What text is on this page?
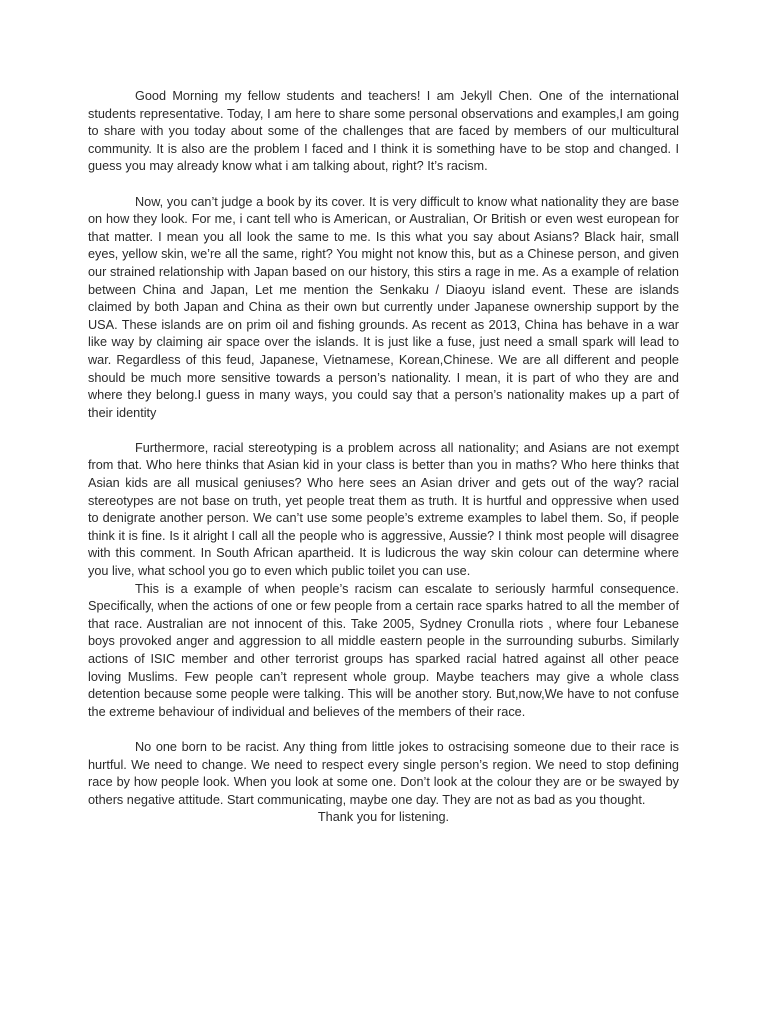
Good Morning my fellow students and teachers! I am Jekyll Chen. One of the international students representative. Today, I am here to share some personal observations and examples,I am going to share with you today about some of the challenges that are faced by members of our multicultural community. It is also are the problem I faced and I think it is something have to be stop and changed. I guess you may already know what i am talking about, right? It’s racism.

Now, you can’t judge a book by its cover. It is very difficult to know what nationality they are base on how they look. For me, i cant tell who is American, or Australian, Or British or even west european for that matter. I mean you all look the same to me. Is this what you say about Asians? Black hair, small eyes, yellow skin, we’re all the same, right? You might not know this, but as a Chinese person, and given our strained relationship with Japan based on our history, this stirs a rage in me. As a example of relation between China and Japan, Let me mention the Senkaku / Diaoyu island event. These are islands claimed by both Japan and China as their own but currently under Japanese ownership support by the USA. These islands are on prim oil and fishing grounds. As recent as 2013, China has behave in a war like way by claiming air space over the islands. It is just like a fuse, just need a small spark will lead to war. Regardless of this feud, Japanese, Vietnamese, Korean,Chinese. We are all different and people should be much more sensitive towards a person’s nationality. I mean, it is part of who they are and where they belong.I guess in many ways, you could say that a person’s nationality makes up a part of their identity

Furthermore, racial stereotyping is a problem across all nationality; and Asians are not exempt from that. Who here thinks that Asian kid in your class is better than you in maths? Who here thinks that Asian kids are all musical geniuses? Who here sees an Asian driver and gets out of the way? racial stereotypes are not base on truth, yet people treat them as truth. It is hurtful and oppressive when used to denigrate another person. We can’t use some people’s extreme examples to label them. So, if people think it is fine. Is it alright I call all the people who is aggressive, Aussie? I think most people will disagree with this comment. In South African apartheid. It is ludicrous the way skin colour can determine where you live, what school you go to even which public toilet you can use.

This is a example of when people’s racism can escalate to seriously harmful consequence. Specifically, when the actions of one or few people from a certain race sparks hatred to all the member of that race. Australian are not innocent of this. Take 2005, Sydney Cronulla riots , where four Lebanese boys provoked anger and aggression to all middle eastern people in the surrounding suburbs. Similarly actions of ISIC member and other terrorist groups has sparked racial hatred against all other peace loving Muslims. Few people can’t represent whole group. Maybe teachers may give a whole class detention because some people were talking. This will be another story. But,now,We have to not confuse the extreme behaviour of individual and believes of the members of their race.

No one born to be racist. Any thing from little jokes to ostracising someone due to their race is hurtful. We need to change. We need to respect every single person’s region. We need to stop defining race by how people look. When you look at some one. Don’t look at the colour they are or be swayed by others negative attitude. Start communicating, maybe one day. They are not as bad as you thought.

Thank you for listening.
